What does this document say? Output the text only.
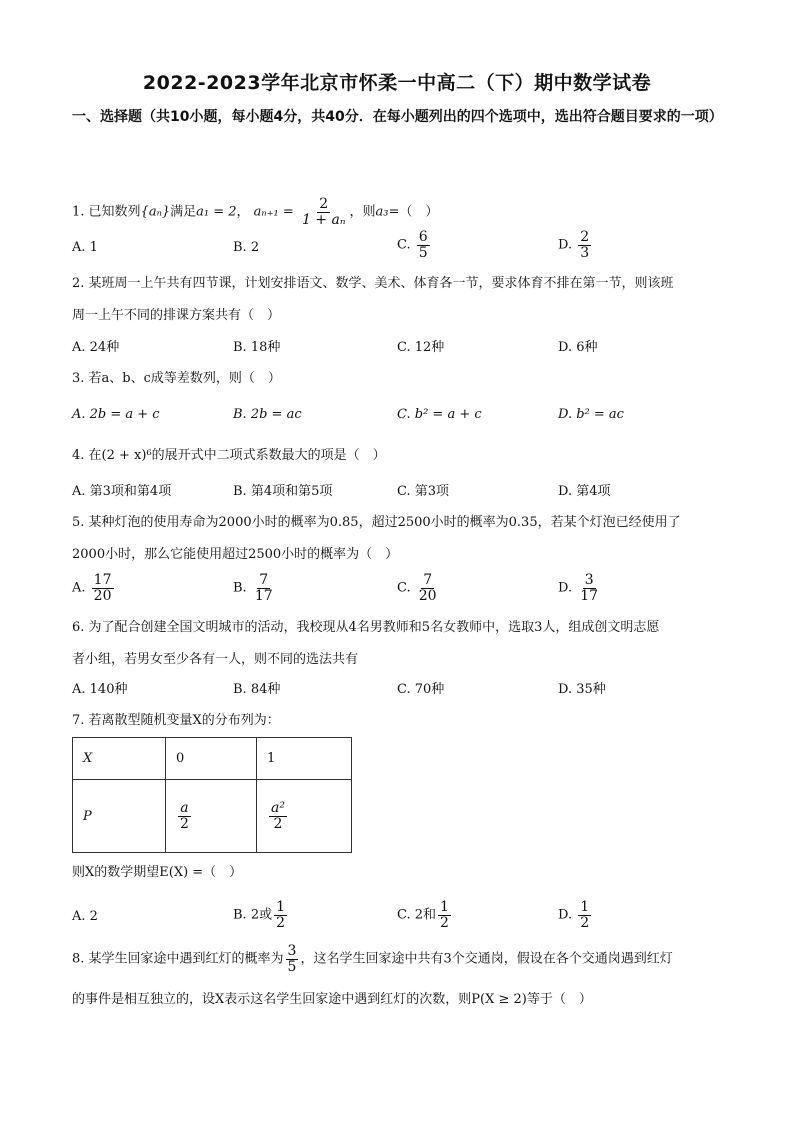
2022-2023学年北京市怀柔一中高二（下）期中数学试卷
一、选择题（共10小题，每小题4分，共40分．在每小题列出的四个选项中，选出符合题目要求的一项）
1. 已知数列{aₙ}满足a₁ = 2， $a_{n+1} = \frac{2}{\text{1 + aₙ}}$ ，则a₃=（　）
A. 1	B. 2	C. $\frac{6}{5}$	D. $\frac{2}{3}$
2. 某班周一上午共有四节课，计划安排语文、数学、美术、体育各一节，要求体育不排在第一节，则该班
周一上午不同的排课方案共有（　）
A. 24种	B. 18种	C. 12种	D. 6种
3. 若a、b、c成等差数列，则（　）
A. 2b = a + c	B. 2b = ac	C. b² = a + c	D. b² = ac
4. 在(2 + x)⁶的展开式中二项式系数最大的项是（　）
A. 第3项和第4项	B. 第4项和第5项	C. 第3项	D. 第4项
5. 某种灯泡的使用寿命为2000小时的概率为0.85，超过2500小时的概率为0.35，若某个灯泡已经使用了
2000小时，那么它能使用超过2500小时的概率为（　）
A. $\frac{17}{20}$	B. $\frac{7}{17}$	C. $\frac{7}{20}$	D. $\frac{3}{17}$
6. 为了配合创建全国文明城市的活动，我校现从4名男教师和5名女教师中，选取3人，组成创文明志愿
者小组，若男女至少各有一人，则不同的选法共有
A. 140种	B. 84种	C. 70种	D. 35种
7. 若离散型随机变量X的分布列为：
X	0	1
P	$\frac{a}{2}$	$\frac{\text{a²}}{2}$
则X的数学期望E(X) =（　）
A. 2	B. 2或 $\frac{1}{2}$	C. 2和 $\frac{1}{2}$	D. $\frac{1}{2}$
8. 某学生回家途中遇到红灯的概率为 $\frac{3}{5}$ ，这名学生回家途中共有3个交通岗，假设在各个交通岗遇到红灯
的事件是相互独立的，设X表示这名学生回家途中遇到红灯的次数，则P(X ≥ 2)等于（　）
